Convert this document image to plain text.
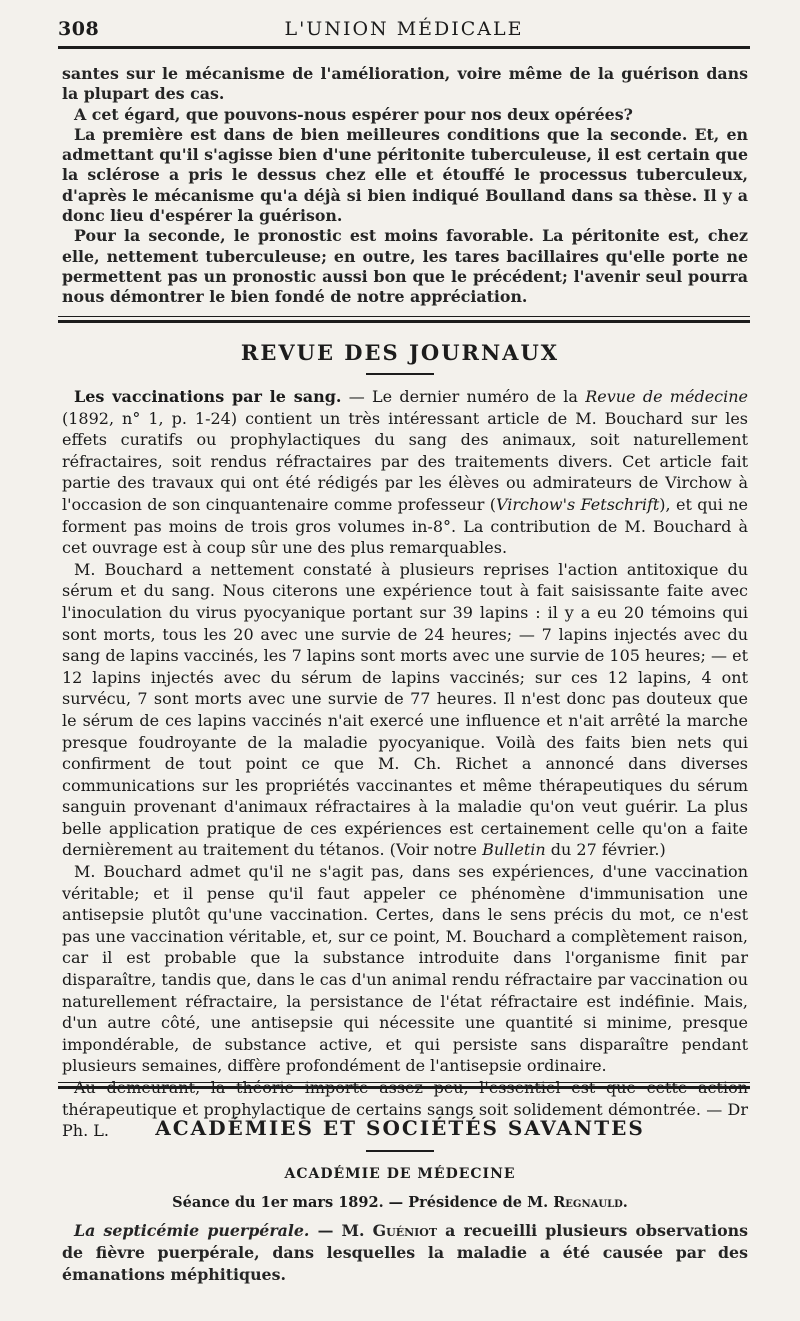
308	L'UNION MÉDICALE

santes sur le mécanisme de l'amélioration, voire même de la guérison dans la plupart des cas.

A cet égard, que pouvons-nous espérer pour nos deux opérées?

La première est dans de bien meilleures conditions que la seconde. Et, en admettant qu'il s'agisse bien d'une péritonite tuberculeuse, il est certain que la sclérose a pris le dessus chez elle et étouffé le processus tuberculeux, d'après le mécanisme qu'a déjà si bien indiqué Boulland dans sa thèse. Il y a donc lieu d'espérer la guérison.

Pour la seconde, le pronostic est moins favorable. La péritonite est, chez elle, nettement tuberculeuse; en outre, les tares bacillaires qu'elle porte ne permettent pas un pronostic aussi bon que le précédent; l'avenir seul pourra nous démontrer le bien fondé de notre appréciation.

REVUE DES JOURNAUX

Les vaccinations par le sang. — Le dernier numéro de la Revue de médecine (1892, n° 1, p. 1-24) contient un très intéressant article de M. Bouchard sur les effets curatifs ou prophylactiques du sang des animaux, soit naturellement réfractaires, soit rendus réfractaires par des traitements divers. Cet article fait partie des travaux qui ont été rédigés par les élèves ou admirateurs de Virchow à l'occasion de son cinquantenaire comme professeur (Virchow's Fetschrift), et qui ne forment pas moins de trois gros volumes in-8°. La contribution de M. Bouchard à cet ouvrage est à coup sûr une des plus remarquables.

M. Bouchard a nettement constaté à plusieurs reprises l'action antitoxique du sérum et du sang. Nous citerons une expérience tout à fait saisissante faite avec l'inoculation du virus pyocyanique portant sur 39 lapins : il y a eu 20 témoins qui sont morts, tous les 20 avec une survie de 24 heures; — 7 lapins injectés avec du sang de lapins vaccinés, les 7 lapins sont morts avec une survie de 105 heures; — et 12 lapins injectés avec du sérum de lapins vaccinés; sur ces 12 lapins, 4 ont survécu, 7 sont morts avec une survie de 77 heures. Il n'est donc pas douteux que le sérum de ces lapins vaccinés n'ait exercé une influence et n'ait arrêté la marche presque foudroyante de la maladie pyocyanique. Voilà des faits bien nets qui confirment de tout point ce que M. Ch. Richet a annoncé dans diverses communications sur les propriétés vaccinantes et même thérapeutiques du sérum sanguin provenant d'animaux réfractaires à la maladie qu'on veut guérir. La plus belle application pratique de ces expériences est certainement celle qu'on a faite dernièrement au traitement du tétanos. (Voir notre Bulletin du 27 février.)

M. Bouchard admet qu'il ne s'agit pas, dans ses expériences, d'une vaccination véritable; et il pense qu'il faut appeler ce phénomène d'immunisation une antisepsie plutôt qu'une vaccination. Certes, dans le sens précis du mot, ce n'est pas une vaccination véritable, et, sur ce point, M. Bouchard a complètement raison, car il est probable que la substance introduite dans l'organisme finit par disparaître, tandis que, dans le cas d'un animal rendu réfractaire par vaccination ou naturellement réfractaire, la persistance de l'état réfractaire est indéfinie. Mais, d'un autre côté, une antisepsie qui nécessite une quantité si minime, presque impondérable, de substance active, et qui persiste sans disparaître pendant plusieurs semaines, diffère profondément de l'antisepsie ordinaire.

thérapeutique et prophylactique de certains sangs soit solidement démontrée. — Dr Ph. L.	ACADÉMIES ET SOCIÉTÉS SAVANTES
ACADÉMIE DE MÉDECINE
Séance du 1er mars 1892. — Présidence de M. Regnauld.

La septicémie puerpérale. — M. Guéniot a recueilli plusieurs observations de fièvre puerpérale, dans lesquelles la maladie a été causée par des émanations méphitiques.
